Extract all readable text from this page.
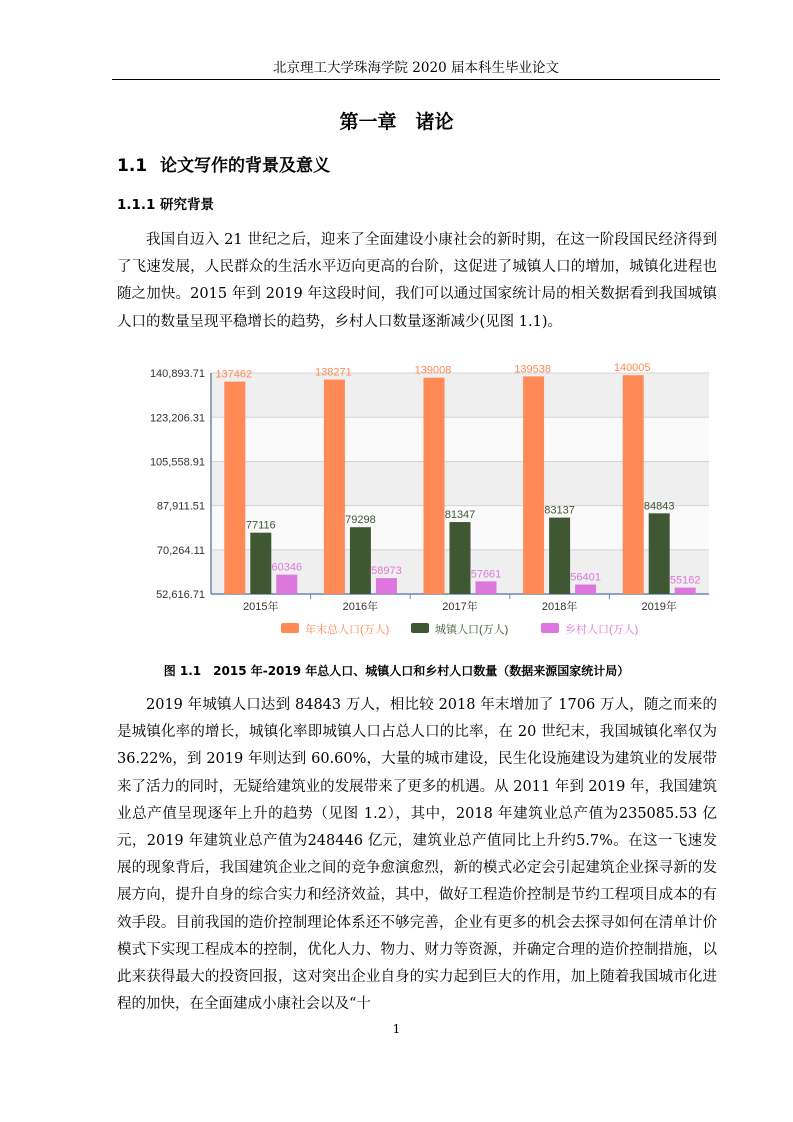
北京理工大学珠海学院 2020 届本科生毕业论文
第一章　诸论
1.1 论文写作的背景及意义
1.1.1 研究背景

我国自迈入 21 世纪之后，迎来了全面建设小康社会的新时期，在这一阶段国民经济得到了飞速发展，人民群众的生活水平迈向更高的台阶，这促进了城镇人口的增加，城镇化进程也随之加快。2015 年到 2019 年这段时间，我们可以通过国家统计局的相关数据看到我国城镇人口的数量呈现平稳增长的趋势，乡村人口数量逐渐减少(见图 1.1)。

140,893.71
123,206.31
105,558.91
87,911.51
70,264.11
52,616.71
2015年
137462
77116
60346
2016年
138271
79298
58973
2017年
139008
81347
57661
2018年
139538
83137
56401
2019年
140005
84843
55162
年末总人口(万人)	城镇人口(万人)	乡村人口(万人)
图 1.1　2015 年-2019 年总人口、城镇人口和乡村人口数量（数据来源国家统计局）

2019 年城镇人口达到 84843 万人，相比较 2018 年末增加了 1706 万人，随之而来的是城镇化率的增长，城镇化率即城镇人口占总人口的比率，在 20 世纪末，我国城镇化率仅为 36.22%，到 2019 年则达到 60.60%，大量的城市建设，民生化设施建设为建筑业的发展带来了活力的同时，无疑给建筑业的发展带来了更多的机遇。从 2011 年到 2019 年，我国建筑业总产值呈现逐年上升的趋势（见图 1.2），其中，2018 年建筑业总产值为235085.53 亿元，2019 年建筑业总产值为248446 亿元，建筑业总产值同比上升约5.7%。在这一飞速发展的现象背后，我国建筑企业之间的竞争愈演愈烈，新的模式必定会引起建筑企业探寻新的发展方向，提升自身的综合实力和经济效益，其中，做好工程造价控制是节约工程项目成本的有效手段。目前我国的造价控制理论体系还不够完善，企业有更多的机会去探寻如何在清单计价模式下实现工程成本的控制，优化人力、物力、财力等资源，并确定合理的造价控制措施，以此来获得最大的投资回报，这对突出企业自身的实力起到巨大的作用，加上随着我国城市化进程的加快，在全面建成小康社会以及“十

1
